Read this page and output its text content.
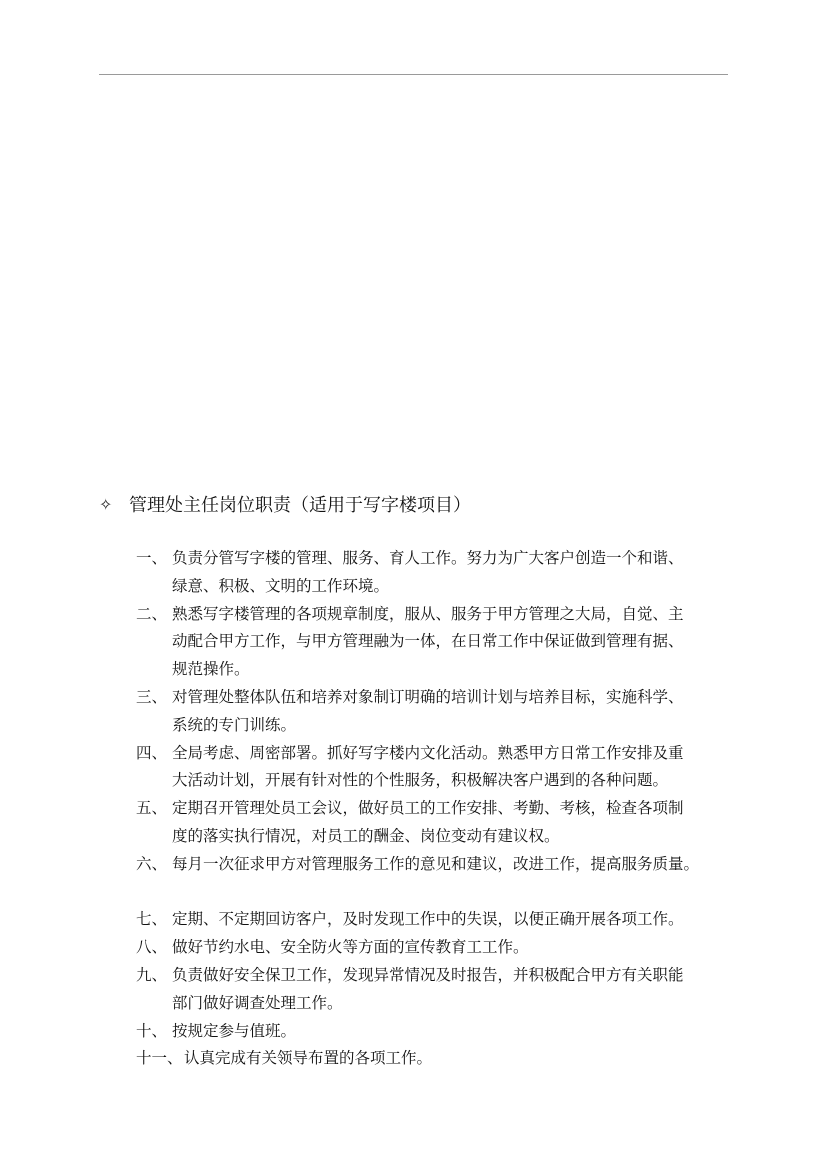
✧ 管理处主任岗位职责（适用于写字楼项目）
一、 负责分管写字楼的管理、服务、育人工作。努力为广大客户创造一个和谐、
绿意、积极、文明的工作环境。
二、 熟悉写字楼管理的各项规章制度，服从、服务于甲方管理之大局，自觉、主
动配合甲方工作，与甲方管理融为一体，在日常工作中保证做到管理有据、
规范操作。
三、 对管理处整体队伍和培养对象制订明确的培训计划与培养目标，实施科学、
系统的专门训练。
四、 全局考虑、周密部署。抓好写字楼内文化活动。熟悉甲方日常工作安排及重
大活动计划，开展有针对性的个性服务，积极解决客户遇到的各种问题。
五、 定期召开管理处员工会议，做好员工的工作安排、考勤、考核，检查各项制
度的落实执行情况，对员工的酬金、岗位变动有建议权。
六、 每月一次征求甲方对管理服务工作的意见和建议，改进工作，提高服务质量。
七、 定期、不定期回访客户，及时发现工作中的失误，以便正确开展各项工作。
八、 做好节约水电、安全防火等方面的宣传教育工工作。
九、 负责做好安全保卫工作，发现异常情况及时报告，并积极配合甲方有关职能
部门做好调查处理工作。
十、 按规定参与值班。
十一、 认真完成有关领导布置的各项工作。
